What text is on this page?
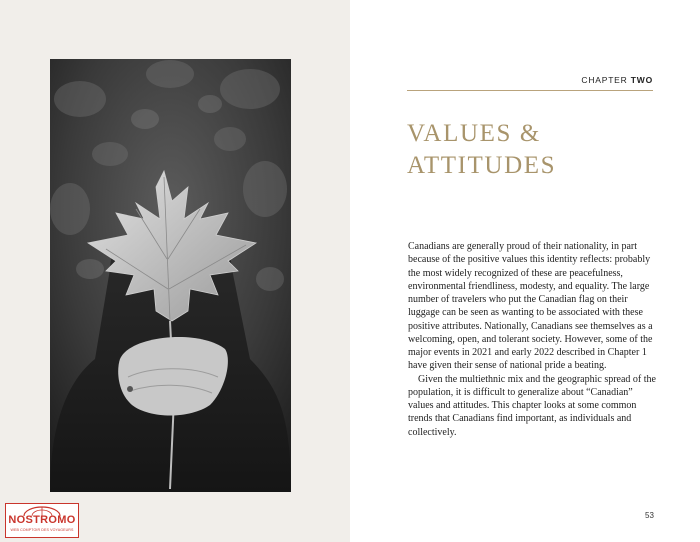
CHAPTER TWO
VALUES &
ATTITUDES

Canadians are generally proud of their nationality, in part because of the positive values this identity reflects: probably the most widely recognized of these are peacefulness, environmental friendliness, modesty, and equality. The large number of travelers who put the Canadian flag on their luggage can be seen as wanting to be associated with these positive attributes. Nationally, Canadians see themselves as a welcoming, open, and tolerant society. However, some of the major events in 2021 and early 2022 described in Chapter 1 have given their sense of national pride a beating.

Given the multiethnic mix and the geographic spread of the population, it is difficult to generalize about “Canadian” values and attitudes. This chapter looks at some common trends that Canadians find important, as individuals and collectively.

53
NOSTROMO
WEB COMPTOIR DES VOYAGEURS
